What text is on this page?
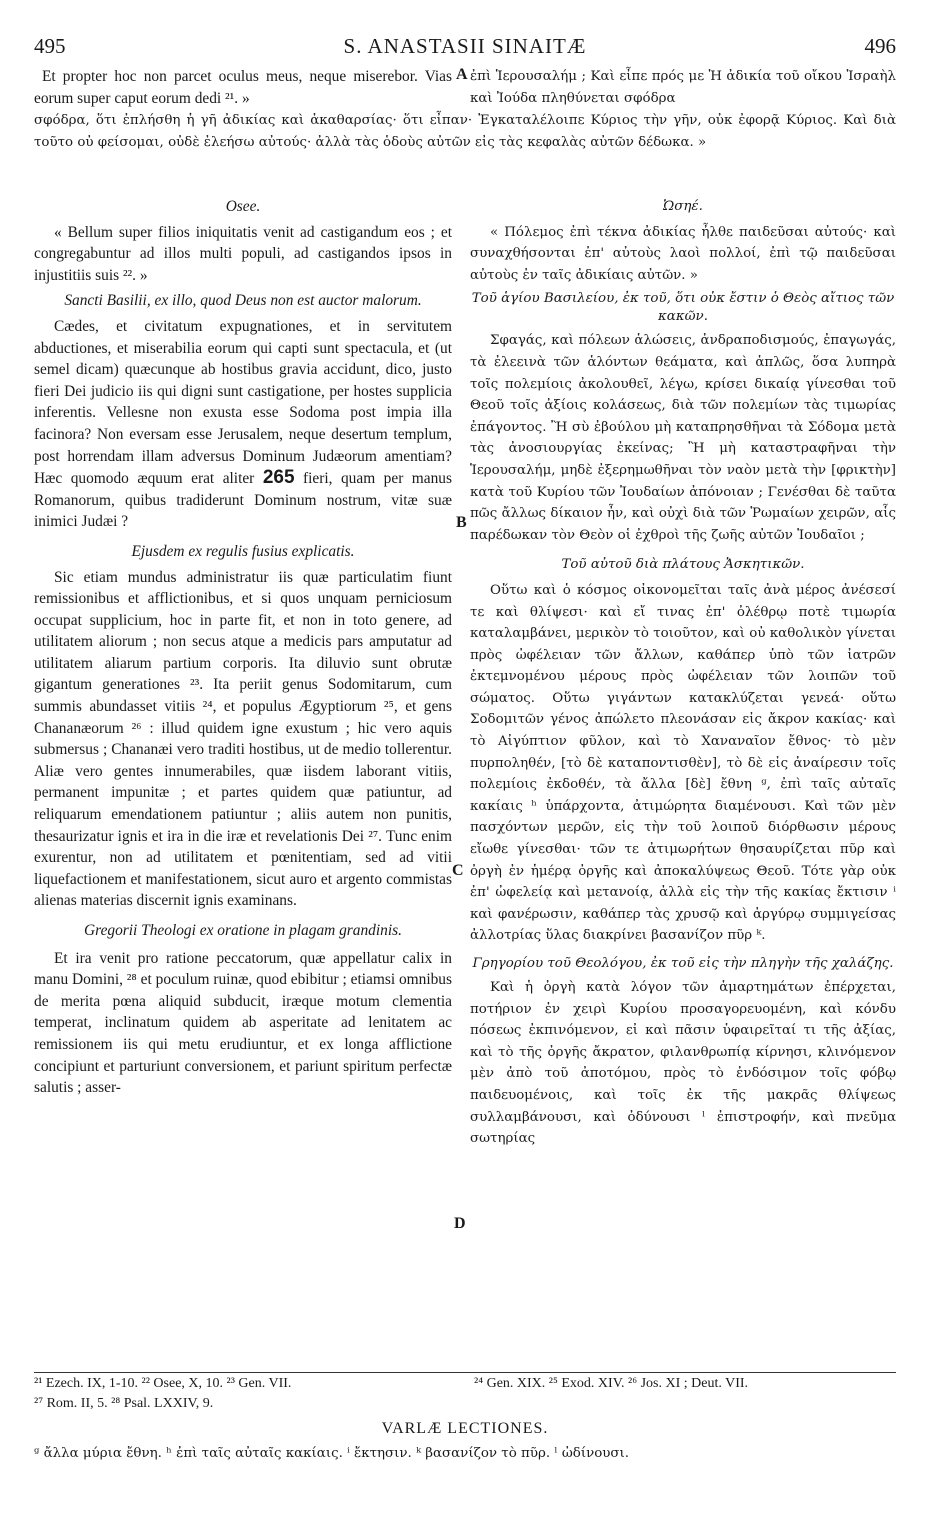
495	S. ANASTASII SINAITÆ	496

Et propter hoc non parcet oculus meus, neque miserebor. Vias eorum super caput eorum dedi ²¹. »

ἐπὶ Ἱερουσαλήμ ; Καὶ εἶπε πρός με Ἡ ἀδικία τοῦ οἴκου Ἰσραὴλ καὶ Ἰούδα πληθύνεται σφόδρα

σφόδρα, ὅτι ἐπλήσθη ἡ γῆ ἀδικίας καὶ ἀκαθαρσίας· ὅτι εἶπαν· Ἐγκαταλέλοιπε Κύριος τὴν γῆν, οὐκ ἐφορᾷ Κύριος. Καὶ διὰ τοῦτο οὐ φείσομαι, οὐδὲ ἐλεήσω αὐτούς· ἀλλὰ τὰς ὁδοὺς αὐτῶν εἰς τὰς κεφαλὰς αὐτῶν δέδωκα. »

A
B
C
D
Osee.

« Bellum super filios iniquitatis venit ad castigandum eos ; et congregabuntur ad illos multi populi, ad castigandos ipsos in injustitiis suis ²². »

Sancti Basilii, ex illo, quod Deus non est auctor malorum.

Cædes, et civitatum expugnationes, et in servitutem abductiones, et miserabilia eorum qui capti sunt spectacula, et (ut semel dicam) quæcunque ab hostibus gravia accidunt, dico, justo fieri Dei judicio iis qui digni sunt castigatione, per hostes supplicia inferentis. Vellesne non exusta esse Sodoma post impia illa facinora? Non eversam esse Jerusalem, neque desertum templum, post horrendam illam adversus Dominum Judæorum amentiam? Hæc quomodo æquum erat aliter 265 fieri, quam per manus Romanorum, quibus tradiderunt Dominum nostrum, vitæ suæ inimici Judæi ?

Ejusdem ex regulis fusius explicatis.

Sic etiam mundus administratur iis quæ particulatim fiunt remissionibus et afflictionibus, et si quos unquam perniciosum occupat supplicium, hoc in parte fit, et non in toto genere, ad utilitatem aliorum ; non secus atque a medicis pars amputatur ad utilitatem aliarum partium corporis. Ita diluvio sunt obrutæ gigantum generationes ²³. Ita periit genus Sodomitarum, cum summis abundasset vitiis ²⁴, et populus Ægyptiorum ²⁵, et gens Chananæorum ²⁶ : illud quidem igne exustum ; hic vero aquis submersus ; Chananæi vero traditi hostibus, ut de medio tollerentur. Aliæ vero gentes innumerabiles, quæ iisdem laborant vitiis, permanent impunitæ ; et partes quidem quæ patiuntur, ad reliquarum emendationem patiuntur ; aliis autem non punitis, thesaurizatur ignis et ira in die iræ et revelationis Dei ²⁷. Tunc enim exurentur, non ad utilitatem et pœnitentiam, sed ad vitii liquefactionem et manifestationem, sicut auro et argento commistas alienas materias discernit ignis examinans.

Gregorii Theologi ex oratione in plagam grandinis.

Et ira venit pro ratione peccatorum, quæ appellatur calix in manu Domini, ²⁸ et poculum ruinæ, quod ebibitur ; etiamsi omnibus de merita pœna aliquid subducit, iræque motum clementia temperat, inclinatum quidem ab asperitate ad lenitatem ac remissionem iis qui metu erudiuntur, et ex longa afflictione concipiunt et parturiunt conversionem, et pariunt spiritum perfectæ salutis ; asser-

Ὠσηέ.

« Πόλεμος ἐπὶ τέκνα ἀδικίας ἦλθε παιδεῦσαι αὐτούς· καὶ συναχθήσονται ἐπ' αὐτοὺς λαοὶ πολλοί, ἐπὶ τῷ παιδεῦσαι αὐτοὺς ἐν ταῖς ἀδικίαις αὐτῶν. »

Τοῦ ἁγίου Βασιλείου, ἐκ τοῦ, ὅτι οὐκ ἔστιν ὁ Θεὸς αἴτιος τῶν κακῶν.

Σφαγάς, καὶ πόλεων ἁλώσεις, ἀνδραποδισμούς, ἐπαγωγάς, τὰ ἐλεεινὰ τῶν ἁλόντων θεάματα, καὶ ἁπλῶς, ὅσα λυπηρὰ τοῖς πολεμίοις ἀκολουθεῖ, λέγω, κρίσει δικαίᾳ γίνεσθαι τοῦ Θεοῦ τοῖς ἀξίοις κολάσεως, διὰ τῶν πολεμίων τὰς τιμωρίας ἐπάγοντος. Ἢ σὺ ἐβούλου μὴ καταπρησθῆναι τὰ Σόδομα μετὰ τὰς ἀνοσιουργίας ἐκείνας; Ἢ μὴ καταστραφῆναι τὴν Ἱερουσαλήμ, μηδὲ ἐξερημωθῆναι τὸν ναὸν μετὰ τὴν [φρικτὴν] κατὰ τοῦ Κυρίου τῶν Ἰουδαίων ἀπόνοιαν ; Γενέσθαι δὲ ταῦτα πῶς ἄλλως δίκαιον ἦν, καὶ οὐχὶ διὰ τῶν Ῥωμαίων χειρῶν, αἷς παρέδωκαν τὸν Θεὸν οἱ ἐχθροὶ τῆς ζωῆς αὐτῶν Ἰουδαῖοι ;

Τοῦ αὐτοῦ διὰ πλάτους Ἀσκητικῶν.

Οὕτω καὶ ὁ κόσμος οἰκονομεῖται ταῖς ἀνὰ μέρος ἀνέσεσί τε καὶ θλίψεσι· καὶ εἴ τινας ἐπ' ὀλέθρῳ ποτὲ τιμωρία καταλαμβάνει, μερικὸν τὸ τοιοῦτον, καὶ οὐ καθολικὸν γίνεται πρὸς ὠφέλειαν τῶν ἄλλων, καθάπερ ὑπὸ τῶν ἰατρῶν ἐκτεμνομένου μέρους πρὸς ὠφέλειαν τῶν λοιπῶν τοῦ σώματος. Οὕτω γιγάντων κατακλύζεται γενεά· οὕτω Σοδομιτῶν γένος ἀπώλετο πλεονάσαν εἰς ἄκρον κακίας· καὶ τὸ Αἰγύπτιον φῦλον, καὶ τὸ Χαναναῖον ἔθνος· τὸ μὲν πυρποληθέν, [τὸ δὲ καταποντισθὲν], τὸ δὲ εἰς ἀναίρεσιν τοῖς πολεμίοις ἐκδοθέν, τὰ ἄλλα [δὲ] ἔθνη ᵍ, ἐπὶ ταῖς αὐταῖς κακίαις ʰ ὑπάρχοντα, ἀτιμώρητα διαμένουσι. Καὶ τῶν μὲν πασχόντων μερῶν, εἰς τὴν τοῦ λοιποῦ διόρθωσιν μέρους εἴωθε γίνεσθαι· τῶν τε ἀτιμωρήτων θησαυρίζεται πῦρ καὶ ὀργὴ ἐν ἡμέρᾳ ὀργῆς καὶ ἀποκαλύψεως Θεοῦ. Τότε γὰρ οὐκ ἐπ' ὠφελείᾳ καὶ μετανοίᾳ, ἀλλὰ εἰς τὴν τῆς κακίας ἔκτισιν ⁱ καὶ φανέρωσιν, καθάπερ τὰς χρυσῷ καὶ ἀργύρῳ συμμιγείσας ἀλλοτρίας ὕλας διακρίνει βασανίζον πῦρ ᵏ.

Γρηγορίου τοῦ Θεολόγου, ἐκ τοῦ εἰς τὴν πληγὴν τῆς χαλάζης.

Καὶ ἡ ὀργὴ κατὰ λόγον τῶν ἁμαρτημάτων ἐπέρχεται, ποτήριον ἐν χειρὶ Κυρίου προσαγορευομένη, καὶ κόνδυ πόσεως ἐκπινόμενον, εἰ καὶ πᾶσιν ὑφαιρεῖταί τι τῆς ἀξίας, καὶ τὸ τῆς ὀργῆς ἄκρατον, φιλανθρωπίᾳ κίρνησι, κλινόμενον μὲν ἀπὸ τοῦ ἀποτόμου, πρὸς τὸ ἐνδόσιμον τοῖς φόβῳ παιδευομένοις, καὶ τοῖς ἐκ τῆς μακρᾶς θλίψεως συλλαμβάνουσι, καὶ ὀδύνουσι ˡ ἐπιστροφήν, καὶ πνεῦμα σωτηρίας

²¹ Ezech. IX, 1-10. ²² Osee, X, 10. ²³ Gen. VII.
²⁷ Rom. II, 5. ²⁸ Psal. LXXIV, 9.
²⁴ Gen. XIX. ²⁵ Exod. XIV. ²⁶ Jos. XI ; Deut. VII.
VARLÆ LECTIONES.
ᵍ ἄλλα μύρια ἔθνη. ʰ ἐπὶ ταῖς αὐταῖς κακίαις. ⁱ ἔκτησιν. ᵏ βασανίζον τὸ πῦρ. ˡ ὠδίνουσι.
